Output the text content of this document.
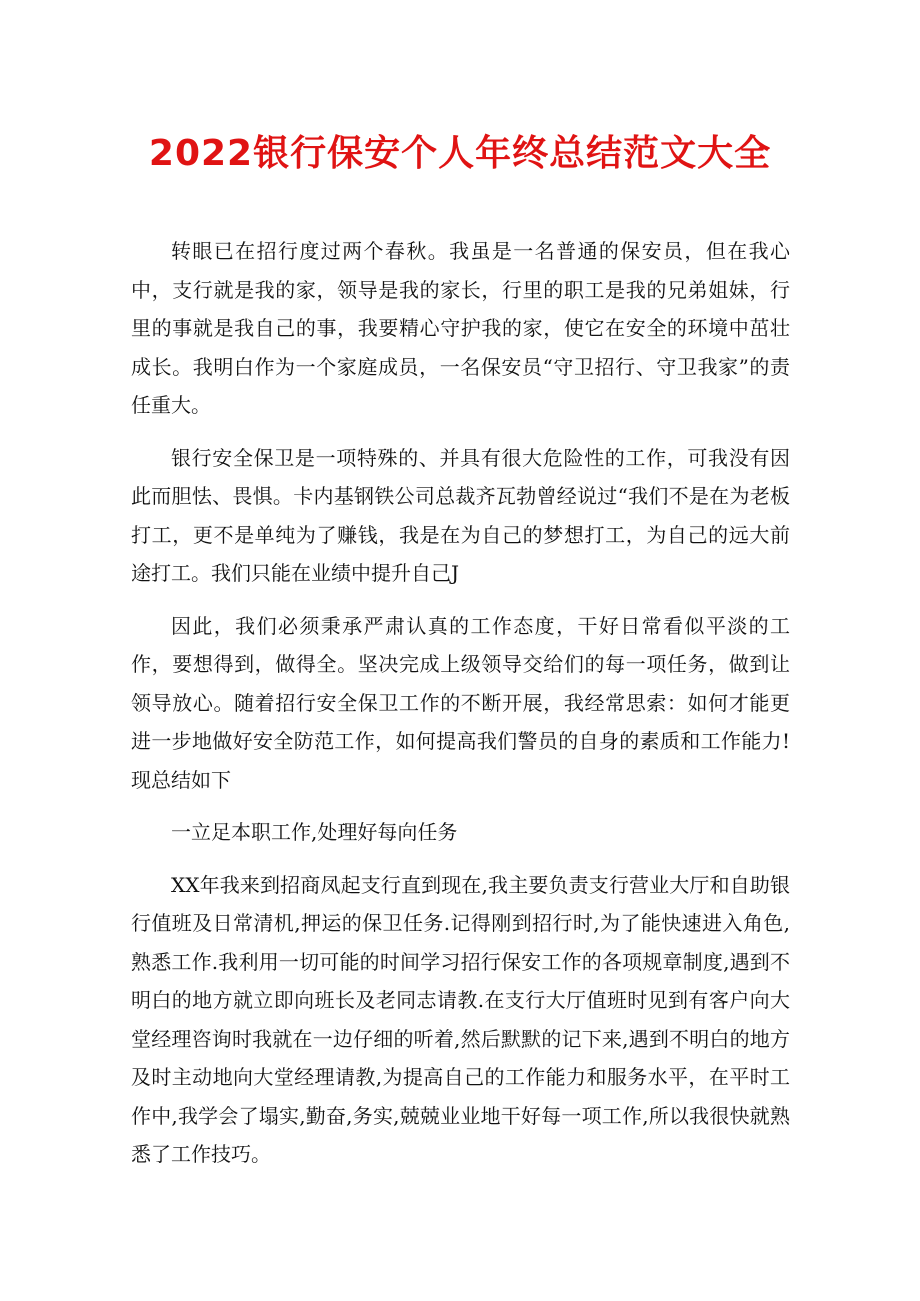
2022银行保安个人年终总结范文大全

转眼已在招行度过两个春秋。我虽是一名普通的保安员，但在我心中，支行就是我的家，领导是我的家长，行里的职工是我的兄弟姐妹，行里的事就是我自己的事，我要精心守护我的家，使它在安全的环境中茁壮成长。我明白作为一个家庭成员，一名保安员“守卫招行、守卫我家”的责任重大。

银行安全保卫是一项特殊的、并具有很大危险性的工作，可我没有因此而胆怯、畏惧。卡内基钢铁公司总裁齐瓦勃曾经说过“我们不是在为老板打工，更不是单纯为了赚钱，我是在为自己的梦想打工，为自己的远大前途打工。我们只能在业绩中提升自己J

因此，我们必须秉承严肃认真的工作态度，干好日常看似平淡的工作，要想得到，做得全。坚决完成上级领导交给们的每一项任务，做到让领导放心。随着招行安全保卫工作的不断开展，我经常思索：如何才能更进一步地做好安全防范工作，如何提高我们警员的自身的素质和工作能力!现总结如下

一立足本职工作,处理好每向任务

XX年我来到招商凤起支行直到现在,我主要负责支行营业大厅和自助银行值班及日常清机,押运的保卫任务.记得刚到招行时,为了能快速进入角色,熟悉工作.我利用一切可能的时间学习招行保安工作的各项规章制度,遇到不明白的地方就立即向班长及老同志请教.在支行大厅值班时见到有客户向大堂经理咨询时我就在一边仔细的听着,然后默默的记下来,遇到不明白的地方及时主动地向大堂经理请教,为提高自己的工作能力和服务水平，在平时工作中,我学会了塌实,勤奋,务实,兢兢业业地干好每一项工作,所以我很快就熟悉了工作技巧。
